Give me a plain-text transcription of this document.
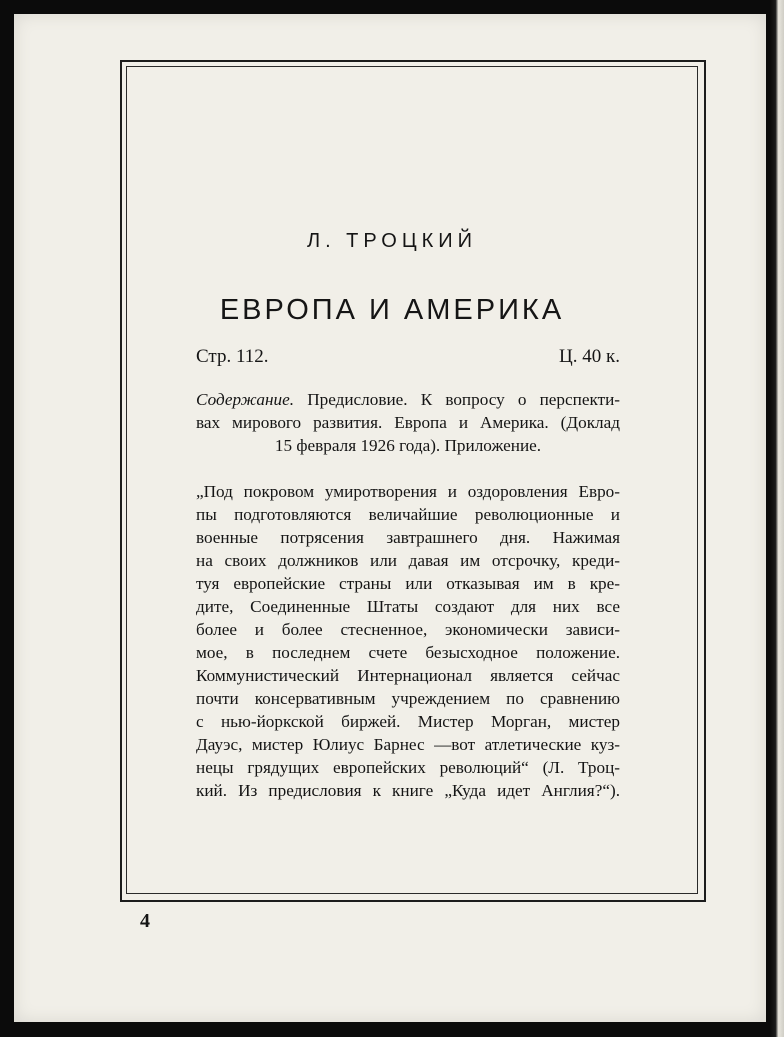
Л. ТРОЦКИЙ
ЕВРОПА И АМЕРИКА
Стр. 112.	Ц. 40 к.
Содержание. Предисловие. К вопросу о перспекти-
вах мирового развития. Европа и Америка. (Доклад
15 февраля 1926 года). Приложение.
„Под покровом умиротворения и оздоровления Евро-
пы подготовляются величайшие революционные и
военные потрясения завтрашнего дня. Нажимая
на своих должников или давая им отсрочку, креди-
туя европейские страны или отказывая им в кре-
дите, Соединенные Штаты создают для них все
более и более стесненное, экономически зависи-
мое, в последнем счете безысходное положение.
Коммунистический Интернационал является сейчас
почти консервативным учреждением по сравнению
с нью-йоркской биржей. Мистер Морган, мистер
Дауэс, мистер Юлиус Барнес —вот атлетические куз-
нецы грядущих европейских революций“ (Л. Троц-
кий. Из предисловия к книге „Куда идет Англия?“).
4
